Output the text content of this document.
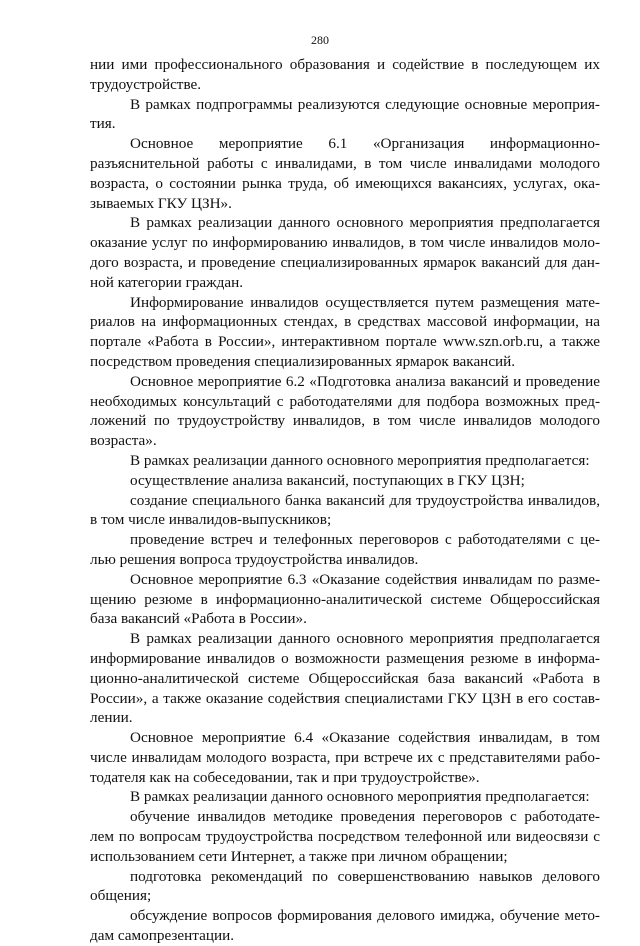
280
нии ими профессионального образования и содействие в последующем их
трудоустройстве.
В рамках подпрограммы реализуются следующие основные мероприя-
тия.
Основное мероприятие 6.1 «Организация информационно-
разъяснительной работы с инвалидами, в том числе инвалидами молодого
возраста, о состоянии рынка труда, об имеющихся вакансиях, услугах, ока-
зываемых ГКУ ЦЗН».
В рамках реализации данного основного мероприятия предполагается
оказание услуг по информированию инвалидов, в том числе инвалидов моло-
дого возраста, и проведение специализированных ярмарок вакансий для дан-
ной категории граждан.
Информирование инвалидов осуществляется путем размещения мате-
риалов на информационных стендах, в средствах массовой информации, на
портале «Работа в России», интерактивном портале www.szn.orb.ru, а также
посредством проведения специализированных ярмарок вакансий.
Основное мероприятие 6.2 «Подготовка анализа вакансий и проведение
необходимых консультаций с работодателями для подбора возможных пред-
ложений по трудоустройству инвалидов, в том числе инвалидов молодого
возраста».
В рамках реализации данного основного мероприятия предполагается:
осуществление анализа вакансий, поступающих в ГКУ ЦЗН;
создание специального банка вакансий для трудоустройства инвалидов,
в том числе инвалидов-выпускников;
проведение встреч и телефонных переговоров с работодателями с це-
лью решения вопроса трудоустройства инвалидов.
Основное мероприятие 6.3 «Оказание содействия инвалидам по разме-
щению резюме в информационно-аналитической системе Общероссийская
база вакансий «Работа в России».
В рамках реализации данного основного мероприятия предполагается
информирование инвалидов о возможности размещения резюме в информа-
ционно-аналитической системе Общероссийская база вакансий «Работа в
России», а также оказание содействия специалистами ГКУ ЦЗН в его состав-
лении.
Основное мероприятие 6.4 «Оказание содействия инвалидам, в том
числе инвалидам молодого возраста, при встрече их с представителями рабо-
тодателя как на собеседовании, так и при трудоустройстве».
В рамках реализации данного основного мероприятия предполагается:
обучение инвалидов методике проведения переговоров с работодате-
лем по вопросам трудоустройства посредством телефонной или видеосвязи с
использованием сети Интернет, а также при личном обращении;
подготовка рекомендаций по совершенствованию навыков делового
общения;
обсуждение вопросов формирования делового имиджа, обучение мето-
дам самопрезентации.
